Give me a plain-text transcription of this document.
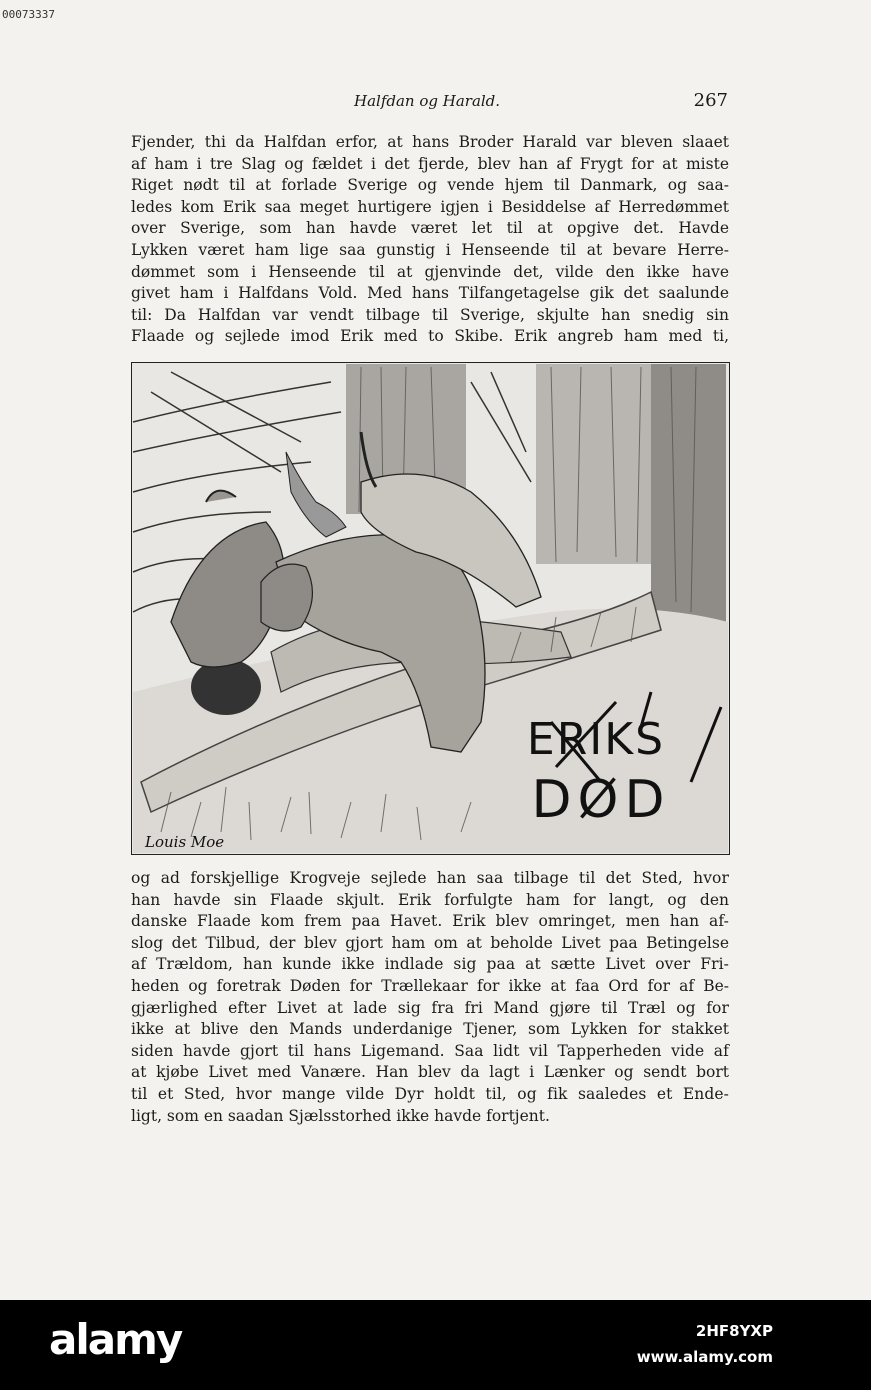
00073337
Halfdan og Harald.	267
Fjender, thi da Halfdan erfor, at hans Broder Harald var bleven slaaet
af ham i tre Slag og fældet i det fjerde, blev han af Frygt for at miste
Riget nødt til at forlade Sverige og vende hjem til Danmark, og saa-
ledes kom Erik saa meget hurtigere igjen i Besiddelse af Herredømmet
over Sverige, som han havde været let til at opgive det. Havde
Lykken været ham lige saa gunstig i Henseende til at bevare Herre-
dømmet som i Henseende til at gjenvinde det, vilde den ikke have
givet ham i Halfdans Vold. Med hans Tilfangetagelse gik det saalunde
til: Da Halfdan var vendt tilbage til Sverige, skjulte han snedig sin
Flaade og sejlede imod Erik med to Skibe. Erik angreb ham med ti,
ERIKS
DØD
Louis Moe
og ad forskjellige Krogveje sejlede han saa tilbage til det Sted, hvor
han havde sin Flaade skjult. Erik forfulgte ham for langt, og den
danske Flaade kom frem paa Havet. Erik blev omringet, men han af-
slog det Tilbud, der blev gjort ham om at beholde Livet paa Betingelse
af Trældom, han kunde ikke indlade sig paa at sætte Livet over Fri-
heden og foretrak Døden for Trællekaar for ikke at faa Ord for af Be-
gjærlighed efter Livet at lade sig fra fri Mand gjøre til Træl og for
ikke at blive den Mands underdanige Tjener, som Lykken for stakket
siden havde gjort til hans Ligemand. Saa lidt vil Tapperheden vide af
at kjøbe Livet med Vanære. Han blev da lagt i Lænker og sendt bort
til et Sted, hvor mange vilde Dyr holdt til, og fik saaledes et Ende-
ligt, som en saadan Sjælsstorhed ikke havde fortjent.
alamy	2HF8YXP
www.alamy.com
